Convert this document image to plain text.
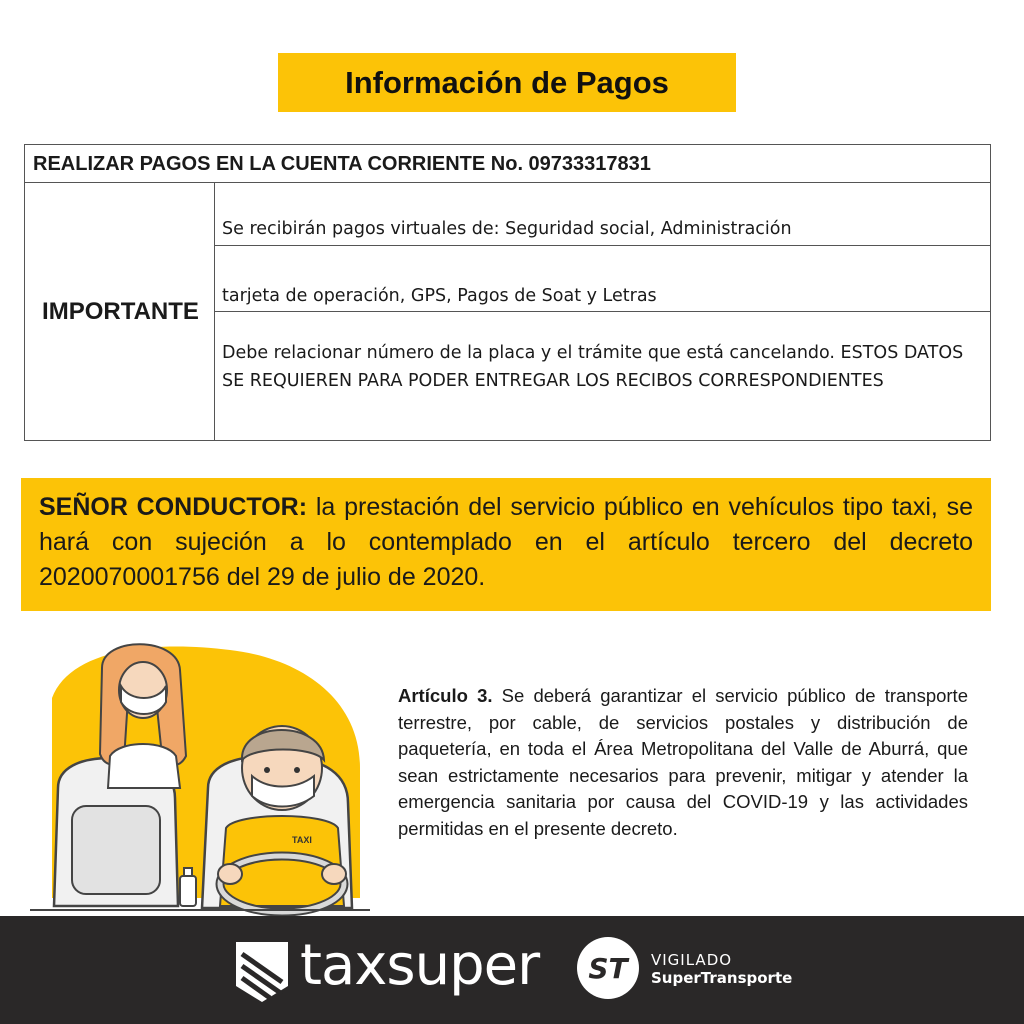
Información de Pagos
REALIZAR PAGOS EN LA CUENTA CORRIENTE No. 09733317831
IMPORTANTE
Se recibirán pagos virtuales de: Seguridad social, Administración
tarjeta de operación, GPS, Pagos de Soat y Letras
Debe relacionar número de la placa y el trámite que está cancelando. ESTOS DATOS SE REQUIEREN PARA PODER ENTREGAR LOS RECIBOS CORRESPONDIENTES
SEÑOR CONDUCTOR: la prestación del servicio público en vehículos tipo taxi, se hará con sujeción a lo contemplado en el artículo tercero del decreto 2020070001756 del 29 de julio de 2020.
TAXI
Artículo 3. Se deberá garantizar el servicio público de transporte terrestre, por cable, de servicios postales y distribución de paquetería, en toda el Área Metropolitana del Valle de Aburrá, que sean estrictamente necesarios para prevenir, mitigar y atender la emergencia sanitaria por causa del COVID-19 y las actividades permitidas en el presente decreto.
taxsuper ST VIGILADO
SuperTransporte
